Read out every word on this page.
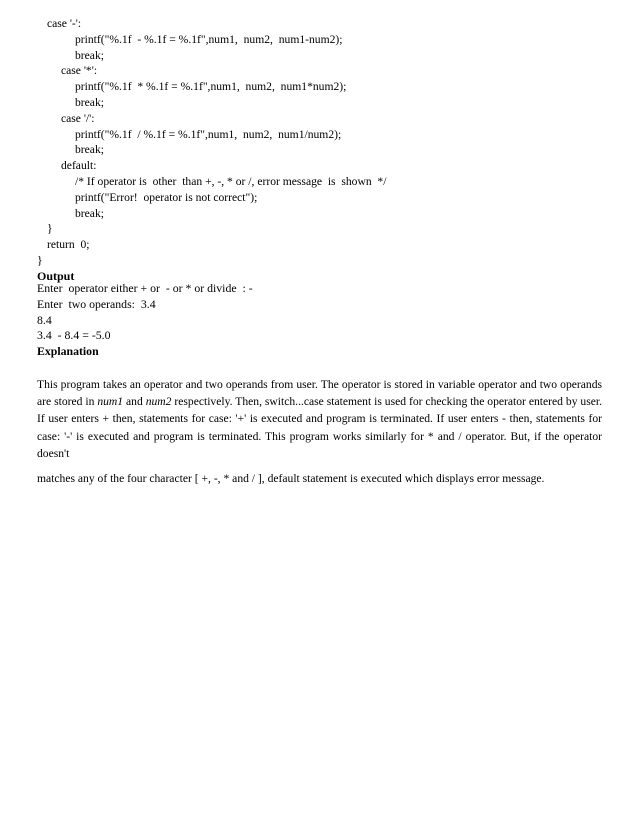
case '-':
printf("%.1f  - %.1f = %.1f",num1,  num2,  num1-num2);
break;
case '*':
printf("%.1f  * %.1f = %.1f",num1,  num2,  num1*num2);
break;
case '/':
printf("%.1f  / %.1f = %.1f",num1,  num2,  num1/num2);
break;
default:
/* If operator is  other  than +, -, * or /, error message  is  shown  */
printf("Error!  operator is not correct");
break;
}
return  0;
}
Output
Enter  operator either + or  - or * or divide  : -
Enter  two operands:  3.4
8.4
3.4  - 8.4 = -5.0
Explanation

This program takes an operator and two operands from user. The operator is stored in variable operator and two operands are stored in num1 and num2 respectively. Then, switch...case statement is used for checking the operator entered by user. If user enters + then, statements for case: '+' is executed and program is terminated. If user enters - then, statements for case: '-' is executed and program is terminated. This program works similarly for * and / operator. But, if the operator doesn't

matches any of the four character [ +, -, * and / ], default statement is executed which displays error message.
